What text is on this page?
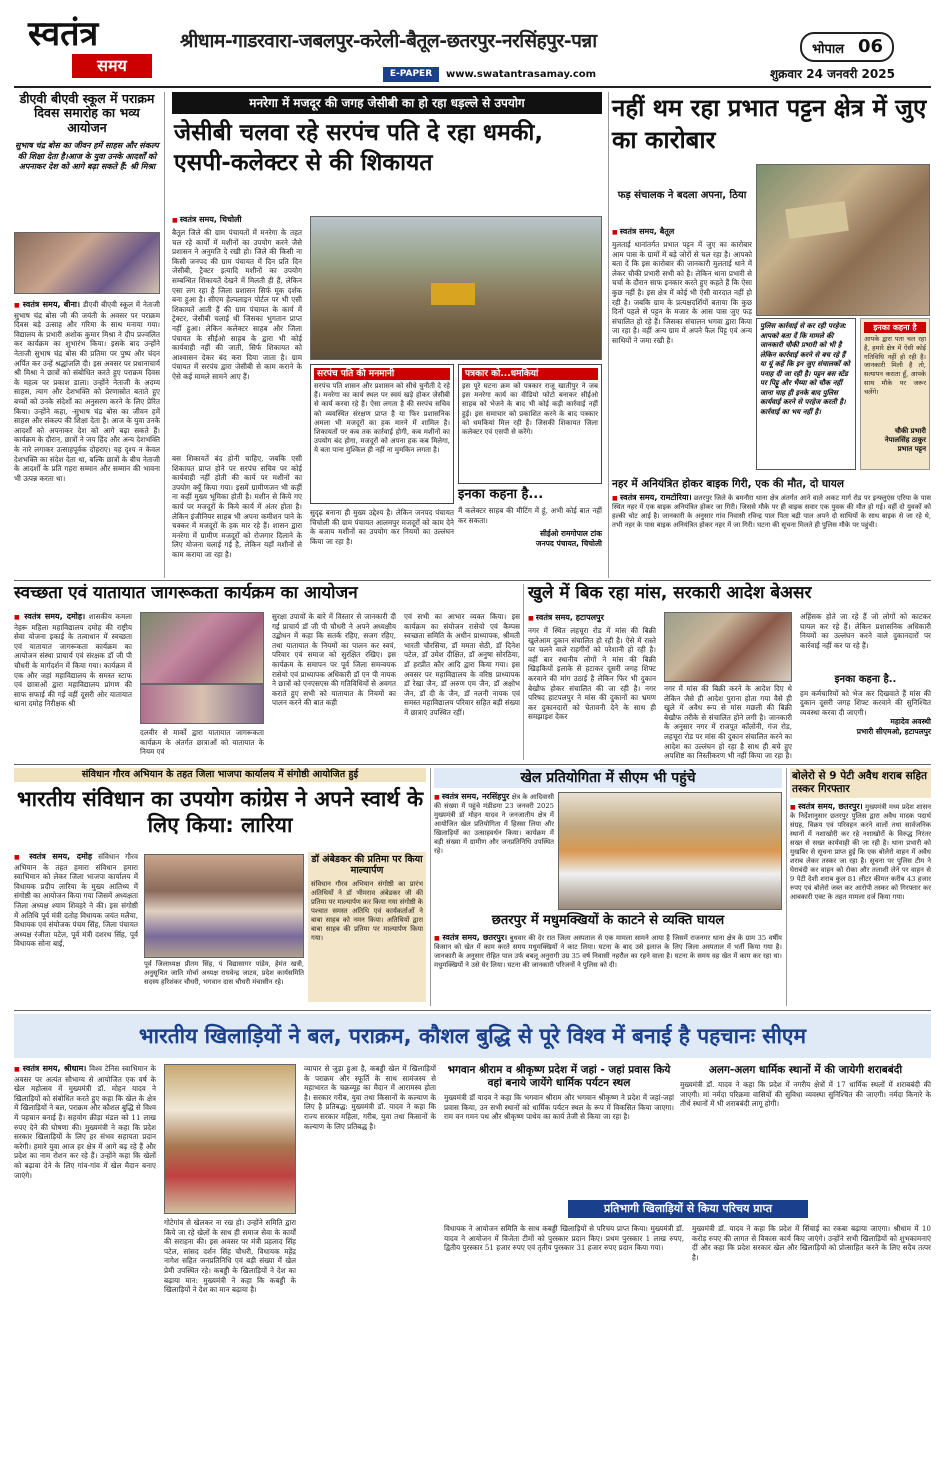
स्वतंत्र
समय
श्रीधाम-गाडरवारा-जबलपुर-करेली-बैतूल-छतरपुर-नरसिंहपुर-पन्ना	भोपाल 06
E-PAPER	www.swatantrasamay.com	शुक्रवार 24 जनवरी 2025
डीएवी बीएवी स्कूल में पराक्रम दिवस समारोह का भव्य आयोजन
सुभाष चंद्र बोस का जीवन हमें साहस और संकल्प की शिक्षा देता है।आज के युवा उनके आदर्शों को अपनाकर देश को आगे बढ़ा सकते हैं: श्री मिश्रा
■ स्वतंत्र समय, बीना। डीएवी बीएवी स्कूल में नेताजी सुभाष चंद्र बोस जी की जयंती के अवसर पर पराक्रम दिवस बड़े उत्साह और गरिमा के साथ मनाया गया। विद्यालय के प्रभारी अशोक कुमार मिश्रा ने दीप प्रज्वलित कर कार्यक्रम का शुभारंभ किया। इसके बाद उन्होंने नेताजी सुभाष चंद्र बोस की प्रतिमा पर पुष्प और चंदन अर्पित कर उन्हें श्रद्धांजलि दी। इस अवसर पर प्रधानाचार्य श्री मिश्रा ने छात्रों को संबोधित करते हुए पराक्रम दिवस के महत्व पर प्रकाश डाला। उन्होंने नेताजी के अदम्य साहस, त्याग और देशभक्ति को प्रेरणास्रोत बताते हुए बच्चों को उनके संदेशों का अनुसरण करने के लिए प्रेरित किया। उन्होंने कहा, -सुभाष चंद्र बोस का जीवन हमें साहस और संकल्प की शिक्षा देता है। आज के युवा उनके आदर्शों को अपनाकर देश को आगे बढ़ा सकते हैं। कार्यक्रम के दौरान, छात्रों ने जय हिंद और अन्य देशभक्ति के नारे लगाकर उत्साहपूर्वक दोहराए। यह दृश्य न केवल देशभक्ति का संदेश देता था, बल्कि छात्रों के बीच नेताजी के आदर्शों के प्रति गहरा सम्मान और सम्मान की भावना भी उत्पन्न करता था।
मनरेगा में मजदूर की जगह जेसीबी का हो रहा धड़ल्ले से उपयोग
जेसीबी चलवा रहे सरपंच पति दे रहा धमकी, एसपी-कलेक्टर से की शिकायत
■ स्वतंत्र समय, चिचोली
बैतूल जिले की ग्राम पंचायतों में मनरेगा के तहत चल रहे कार्यों में मशीनों का उपयोग करने जैसे प्रशासन ने अनुमति दे रखी हो। जिले की किसी ना किसी जनपद की ग्राम पंचायत में दिन प्रति दिन जेसीबी, ट्रैक्टर इत्यादि मशीनों का उपयोग सम्बन्धित शिकायतें देखने में मिलती ही हैं, लेकिन एसा लग रहा है जिला प्रशासन सिर्फ मूक दर्शक बना हुआ है। सीएम हेल्पलाइन पोर्टल पर भी एसी शिकायतें आती हैं की ग्राम पंचायत के कार्य में ट्रेक्टर, जेसीबी चलाई थी जिसका भुगतान प्राप्त नहीं हुआ। लेकिन कलेक्टर साहब और जिला पंचायत के सीईओ साहब के द्वारा भी कोई कार्यवाही नहीं की जाती, सिर्फ शिकायत को आश्वासन देकर बंद करा दिया जाता है। ग्राम पंचायत में सरपंच द्वारा जेसीबी से काम कराने के ऐसे कई मामले सामने आए हैं।
बस शिकायतें बंद होनी चाहिए, जबकि एसी शिकायत प्राप्त होने पर सरपंच सचिव पर कोई कार्यवाही नहीं होती की कार्य पर मशीनों का उपयोग क्यूँ किया गया। इसमें ग्रामीणजन भी कहीं ना कहीं मुख्य भूमिका होती है। मशीन से किये गए कार्य पर मजदूरों के किये कार्य में अंतर होता है। लेकिन इंजीनियर साहब भी अपना कमीशन पाने के चक्कर में मजदूरों के हक मार रहे हैं। शासन द्वारा मनरेगा में ग्रामीण मजदूरों को रोजगार दिलाने के लिए योजना चलाई गई है, लेकिन यहाँ मशीनों से काम कराया जा रहा है।
सरपंच पति की मनमानी
सरपंच पति शासन और प्रशासन को सीधे चुनौती दे रहे हैं। मनरेगा का कार्य स्थल पर स्वयं खड़े होकर जेसीबी से कार्य करवा रहे हैं। ऐसा लगता है की सरपंच सचिव को व्यवस्थित संरक्षण प्राप्त है या फिर प्रशासनिक अमला भी मजदूरों का हक मारने में शामिल है। शिकायतों पर कब तक कार्रवाई होगी, कब मशीनों का उपयोग बंद होगा, मजदूरों को अपना हक कब मिलेगा, ये बता पाना मुश्किल ही नहीं ना मुमकिन लगता है।
पत्रकार को...धमकियां
इस पूरे घटना क्रम को पत्रकार राजू खातीपुर ने जब इस मनरेगा कार्य का वीडियो फोटो बनाकर सीईओ साहब को भेजने के बाद भी कोई कड़ी कार्रवाई नहीं हुई। इस समाचार को प्रकाशित करने के बाद पत्रकार को धमकियां मिल रही हैं। जिसकी शिकायत जिला कलेक्टर एवं एसपी से करेंगे।
सुदृढ़ बनाना ही मुख्य उद्देश्य है। लेकिन जनपद पंचायत चिचोली की ग्राम पंचायत आलमपुर मजदूरों को काम देने के बजाय मशीनों का उपयोग कर नियमों का उल्लंघन किया जा रहा है।
इनका कहना है...
मैं कलेक्टर साहब की मीटिंग में हूं, अभी कोई बात नहीं कर सकता।
सीईओ रामगोपाल टांक
जनपद पंचायत, चिचोली
नहीं थम रहा प्रभात पट्टन क्षेत्र में जुए का कारोबार
फड़ संचालक ने बदला अपना, ठिया
■ स्वतंत्र समय, बैतूल
मुलताई थानांतर्गत प्रभात पट्टन में जुए का कारोबार आम पास के ग्रामों में बड़े जोरों से चल रहा है। आपको बता दें कि इस कारोबार की जानकारी मुलताई थाने में लेकर चौकी प्रभारी सभी को है। लेकिन थाना प्रभारी से चर्चा के दौरान साफ इनकार करते हुए कहते हैं कि ऐसा कुछ नहीं है। इस क्षेत्र में कोई भी ऐसी वारदात नहीं हो रही है। जबकि ग्राम के प्रत्यक्षदर्शियों बताया कि कुछ दिनों पहले से पट्टन के मजार के आस पास जुए फड़ संचालित हो रहे हैं। जिसका संचालन भगवा द्वारा किया जा रहा है। वहीं अन्य ग्राम में अपने फैल पिट्ट एवं अन्य साथियों ने जमा रखी है।
पुलिस कार्रवाई से कर रही परहेज: आपको बता दें कि मामले की जानकारी चौकी प्रभारी को भी है लेकिन कार्रवाई करने से बच रहे हैं या यूं कहें कि इन जुए संचालकों को पनाह दी जा रही है। पट्टन बस स्टेंड पर पिट्टू और भैय्या को चौक नहीं जाना चाह ही इनके बाद पुलिस कार्यवाई करने से परहेज करती है। कार्रवाई का भय नहीं है।
इनका कहना है
आपके द्वारा पता चल रहा है, हमारे क्षेत्र में ऐसी कोई गतिविधि नहीं हो रही है। जानकारी मिली है तो, सत्यापन कराता हूँ, आपके साथ मौके पर जरूर चलेंगे।
चौकी प्रभारी
नेपालसिंह ठाकुर
प्रभात पट्टन
नहर में अनियंत्रित होकर बाइक गिरी, एक की मौत, दो घायल
■ स्वतंत्र समय, रामटोरिया। छतरपुर जिले के बमनौरा थाना क्षेत्र अंतर्गत आने वाले अकट मार्ग रोड पर इन्फ्लुएंस एरिया के पास स्थित नहर में एक बाइक अनियंत्रित होकर जा गिरी। जिससे मौके पर ही बाइक सवार एक युवक की मौत हो गई। वहीं दो युवकों को हल्की चोट आई है। जानकारी के अनुसार गांव निवासी रविन्द्र पाल पिता बद्री पाल अपने दो साथियों के साथ बाइक से जा रहे थे, तभी नहर के पास बाइक अनियंत्रित होकर नहर में जा गिरी। घटना की सूचना मिलते ही पुलिस मौके पर पहुंची।
स्वच्छता एवं यातायात जागरूकता कार्यक्रम का आयोजन
■ स्वतंत्र समय, दमोह। शासकीय कमला नेहरू महिला महाविद्यालय दमोह की राष्ट्रीय सेवा योजना इकाई के तत्वाधान में स्वच्छता एवं यातायात जागरूकता कार्यक्रम का आयोजन संस्था प्राचार्य एवं संरक्षक डॉ जी पी चौधरी के मार्गदर्शन में किया गया। कार्यक्रम में एक और जहां महाविद्यालय के समस्त स्टाफ एवं छात्राओं द्वारा महाविद्यालय प्रांगण की साफ सफाई की गई वहीं दूसरी ओर यातायात थाना दमोह निरीक्षक श्री
दलवीर से मार्को द्वारा यातायात जागरूकता कार्यक्रम के अंतर्गत छात्राओं को यातायात के नियम एवं
सुरक्षा उपायों के बारे में विस्तार से जानकारी दी गई प्राचार्य डॉ जी पी चौधरी ने अपने अध्यक्षीय उद्बोधन में कहा कि सतर्क रहिए, सजग रहिए, तथा यातायात के नियमों का पालन कर स्वयं, परिवार एवं समाज को सुरक्षित रखिए। इस कार्यक्रम के समापन पर पूर्व जिला समन्वयक रासेयो एवं प्राध्यापक अधिकारी डॉ एन पी नायक ने छात्रों को एनएसएस की गतिविधियों से अवगत कराते हुए सभी को यातायात के नियमों का पालन करने की बात कही
एवं सभी का आभार व्यक्त किया। इस कार्यक्रम का संयोजन रासेयो एवं कैम्पस स्वच्छता समिति के अधीन प्राध्यापक, श्रीमती भारती चौरसिया, डॉ ममता सेठी, डॉ दिनेश पटेल, डॉ उमेश दीक्षित, डॉ अनुषा सोरठिया, डॉ हरप्रीत कौर आदि द्वारा किया गया। इस अवसर पर महाविद्यालय के वरिष्ठ प्राध्यापक डॉ रेखा जैन, डॉ अरुण एम जैन, डॉ अक्षोभ जैन, डॉ दी के जैन, डॉ नलनी नायक एवं समस्त महाविद्यालय परिवार सहित बड़ी संख्या में छात्राएं उपस्थित रहीं।
खुले में बिक रहा मांस, सरकारी आदेश बेअसर
■ स्वतंत्र समय, हटापलपुर
नगर में स्थित लहचूरा रोड में मांस की बिक्री खुलेआम दुकान संचालित हो रही है। ऐसे में रास्ते पर चलने वाले राहगीरों को परेशानी हो रही है। वहीं बार स्थानीय लोगों ने मांस की बिक्री खिड़कियों इलाके से हटाकर दूसरी जगह शिफ्ट करवाने की मांग उठाई है लेकिन फिर भी दुकान बेखौफ होकर संचालित की जा रही है। नगर परिषद हाटपलपुर ने मांस की दुकानों का भ्रमण कर दुकानदारों को चेतावनी देने के साथ ही समझाइश देकर
नगर में मांस की बिक्री करने के आदेश दिए थे लेकिन जैसे ही आदेश पुराना होता गया वैसे ही खुले में अवैध रूप से मांस मछली की बिक्री बेखौफ तरीके से संचालित होने लगी है। जानकारी के अनुसार नगर में राजपूत कॉलोनी, गंज रोड, लहचूरा रोड पर मांस की दुकान संचालित करने का आदेश का उल्लंघन हो रहा है साथ ही बचे हुए अपशिष्ट का निस्तीकरण भी नहीं किया जा रहा है।
अहिंसक होते जा रहे हैं जो लोगों को काटकर घायल कर रहे हैं। लेकिन प्रशासनिक अधिकारी नियमों का उल्लंघन करने वाले दुकानदारों पर कार्रवाई नहीं कर पा रहे हैं।
इनका कहना है..
हम कर्मचारियों को भेज कर दिखवाते हैं मांस की दुकान दूसरी जगह शिफ्ट करवाने की सुनिश्चित व्यवस्था करवा दी जाएगी।
महादेव अवस्थी
प्रभारी सीएमओ, हटापलपुर
संविधान गौरव अभियान के तहत जिला भाजपा कार्यालय में संगोष्ठी आयोजित हुई
भारतीय संविधान का उपयोग कांग्रेस ने अपने स्वार्थ के लिए किया: लारिया
■ स्वतंत्र समय, दमोह संविधान गौरव अभियान के तहत हमारा संविधान हमारा स्वाभिमान को लेकर जिला भाजपा कार्यालय में विधायक प्रदीप लारिया के मुख्य आतिथ्य में संगोष्ठी का आयोजन किया गया जिसमें अध्यक्षता जिला अध्यक्ष श्याम शिवहरे ने की। इस संगोष्ठी में अतिथि पूर्व मंत्री दतोह विधायक जयंत मलैया, विधायक एवं संयोजक पंचम सिंह, जिला पंचायत अध्यक्ष रंजीता पटेल, पूर्व मंत्री दशरथ सिंह, पूर्व विधायक सोना बाई,
डॉ अंबेडकर की प्रतिमा पर किया माल्यार्पण
संविधान गौरव अभियान संगोष्ठी का प्रारंभ अतिथियों ने डॉ भीमराव अंबेडकर जी की प्रतिमा पर माल्यार्पण कर किया गया संगोष्ठी के पश्चात समस्त अतिथि एवं कार्यकर्ताओं ने बाबा साहब को नमन किया। अतिथियों द्वारा बाबा साहब की प्रतिमा पर माल्यार्पण किया गया।
पूर्व जिलाध्यक्ष प्रीतम सिंह, पं विद्यासागर पांडेय, हेमंत खत्री, अनुसूचित जाति मोर्चा अध्यक्ष राघवेन्द्र जाटव, प्रदेश कार्यसमिति सदस्य हरिशंकर चौधरी, भगवान दास चौधरी मंचासीन रहे।
खेल प्रतियोगिता में सीएम भी पहुंचे
■ स्वतंत्र समय, नरसिंहपुर क्षेत्र के आदिवासी की संख्या में पहुंचे मंडीडमा 23 जनवरी 2025 मुख्यमंत्री डॉ मोहन यादव ने जनजातीय क्षेत्र में आयोजित खेल प्रतियोगिता में हिस्सा लिया और खिलाड़ियों का उत्साहवर्धन किया। कार्यक्रम में बड़ी संख्या में ग्रामीण और जनप्रतिनिधि उपस्थित रहे।
छतरपुर में मधुमक्खियों के काटने से व्यक्ति घायल
■ स्वतंत्र समय, छतरपुर। बुधवार की देर रात जिला अस्पताल से एक मामला सामने आया है जिसमें राजनगर थाना क्षेत्र के ग्राम 35 वर्षीय किसान को खेत में काम करते समय मधुमक्खियों ने काट लिया। घटना के बाद उसे इलाज के लिए जिला अस्पताल में भर्ती किया गया है। जानकारी के अनुसार रोहित पाल उर्फ बबलू अनुरागी उम्र 35 वर्ष निवासी नहरौल का रहने वाला है। घटना के समय वह खेत में काम कर रहा था। मधुमक्खियों ने उसे घेर लिया। घटना की जानकारी परिजनों ने पुलिस को दी।
बोलेरो से 9 पेटी अवैध शराब सहित तस्कर गिरफ्तार
■ स्वतंत्र समय, छतरपुर। मुख्यमंत्री मध्य प्रदेश शासन के निर्देशानुसार छतरपुर पुलिस द्वारा अवैध मादक पदार्थ संग्रह, विक्रय एवं परिवहन करने वालों तथा सार्वजनिक स्थानों में नशाखोरी कर रहे नशाखोरों के विरुद्ध निरंतर सख्त से सख्त कार्यवाही की जा रही है। थाना प्रभारी को मुखबिर से सूचना प्राप्त हुई कि एक बोलेरो वाहन में अवैध शराब लेकर तस्कर जा रहा है। सूचना पर पुलिस टीम ने घेराबंदी कर वाहन को रोका और तलाशी लेने पर वाहन से 9 पेटी देशी शराब कुल 81 लीटर कीमत करीब 43 हजार रुपए एवं बोलेरो जब्त कर आरोपी तस्कर को गिरफ्तार कर आबकारी एक्ट के तहत मामला दर्ज किया गया।
भारतीय खिलाड़ियों ने बल, पराक्रम, कौशल बुद्धि से पूरे विश्व में बनाई है पहचानः सीएम
■ स्वतंत्र समय, श्रीधाम। विश्व टेनिस स्वाभिमान के अवसर पर अत्यंत सौभाग्य से आयोजित एक वर्ष के खेल महोत्सव में मुख्यमंत्री डॉ. मोहन यादव ने खिलाड़ियों को संबोधित करते हुए कहा कि खेल के क्षेत्र में खिलाड़ियों ने बल, पराक्रम और कौशल बुद्धि से विश्व में पहचान बनाई है। सहयोग क्रीड़ा मंडल को 11 लाख रुपए देने की घोषणा की। मुख्यमंत्री ने कहा कि प्रदेश सरकार खिलाड़ियों के लिए हर संभव सहायता प्रदान करेगी। हमारे युवा आज हर क्षेत्र में आगे बढ़ रहे हैं और प्रदेश का नाम रोशन कर रहे हैं। उन्होंने कहा कि खेलों को बढ़ावा देने के लिए गांव-गांव में खेल मैदान बनाए जाएंगे।
गोटेगांव से खेलकर ना रख हो। उन्होंने समिति द्वारा किये जा रहे खेलों के साथ ही समाज सेवा के कार्यों की सराहना की। इस अवसर पर मंत्री प्रहलाद सिंह पटेल, सांसद दर्शन सिंह चौधरी, विधायक महेंद्र नागेश सहित जनप्रतिनिधि एवं बड़ी संख्या में खेल प्रेमी उपस्थित रहे। कबड्डी के खिलाड़ियों ने देश का बढ़ाया मान: मुख्यमंत्री ने कहा कि कबड्डी के खिलाड़ियों ने देश का मान बढ़ाया है।
व्यापार से जुड़ा हुआ है, कबड्डी खेल में खिलाड़ियों के पराक्रम और स्फूर्ति के साथ सामंजस्य से महाभारत के चक्रव्यूह का मैदान में आरामस्व होता है। सरकार गरीब, युवा तथा किसानों के कल्याण के लिए है प्रतिबद्ध: मुख्यमंत्री डॉ. यादव ने कहा कि राज्य सरकार महिला, गरीब, युवा तथा किसानों के कल्याण के लिए प्रतिबद्ध है।
भगवान श्रीराम व श्रीकृष्ण प्रदेश में जहां - जहां प्रवास किये वहां बनाये जायेंगे धार्मिक पर्यटन स्थल
मुख्यमंत्री डॉ यादव ने कहा कि भगवान श्रीराम और भगवान श्रीकृष्ण ने प्रदेश में जहां-जहां प्रवास किया, उन सभी स्थानों को धार्मिक पर्यटन स्थल के रूप में विकसित किया जाएगा। राम वन गमन पथ और श्रीकृष्ण पाथेय का कार्य तेजी से किया जा रहा है।
अलग-अलग धार्मिक स्थानों में की जायेगी शराबबंदी
मुख्यमंत्री डॉ. यादव ने कहा कि प्रदेश में नगरीय क्षेत्रों में 17 धार्मिक स्थलों में शराबबंदी की जाएगी। मां नर्मदा परिक्रमा वासियों की सुविधा व्यवस्था सुनिश्चित की जाएगी। नर्मदा किनारे के तीर्थ स्थानों में भी शराबबंदी लागू होगी।
प्रतिभागी खिलाड़ियों से किया परिचय प्राप्त
विधायक ने आयोजन समिति के साथ कबड्डी खिलाड़ियों से परिचय प्राप्त किया। मुख्यमंत्री डॉ. यादव ने आयोजन में विजेता टीमों को पुरस्कार प्रदान किए। प्रथम पुरस्कार 1 लाख रुपए, द्वितीय पुरस्कार 51 हजार रुपए एवं तृतीय पुरस्कार 31 हजार रुपए प्रदान किया गया।
मुख्यमंत्री डॉ. यादव ने कहा कि प्रदेश में सिंचाई का रकबा बढ़ाया जाएगा। श्रीधाम में 10 करोड़ रुपए की लागत से विकास कार्य किए जाएंगे। उन्होंने सभी खिलाड़ियों को शुभकामनाएं दीं और कहा कि प्रदेश सरकार खेल और खिलाड़ियों को प्रोत्साहित करने के लिए सदैव तत्पर है।
